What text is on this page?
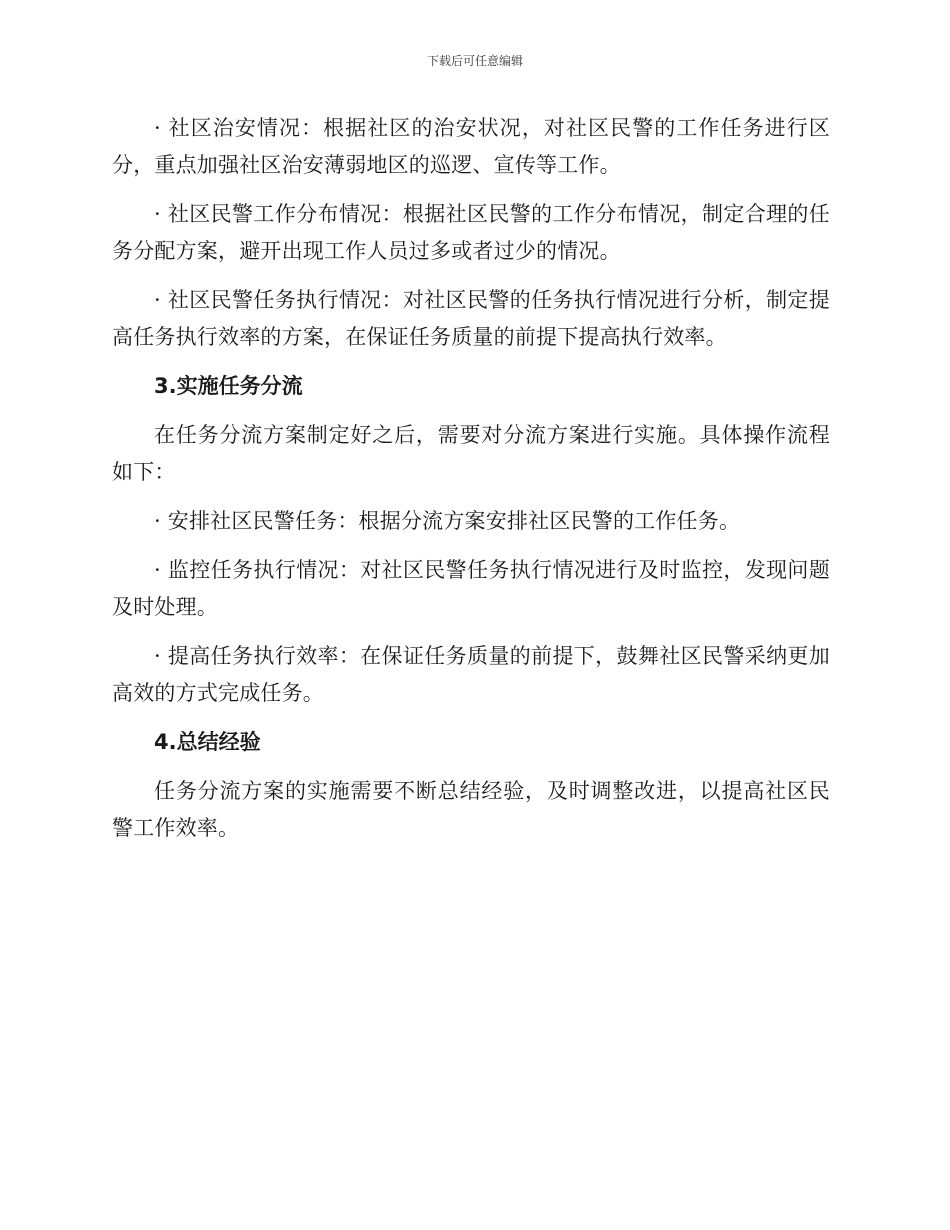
下载后可任意编辑

· 社区治安情况：根据社区的治安状况，对社区民警的工作任务进行区分，重点加强社区治安薄弱地区的巡逻、宣传等工作。

· 社区民警工作分布情况：根据社区民警的工作分布情况，制定合理的任务分配方案，避开出现工作人员过多或者过少的情况。

· 社区民警任务执行情况：对社区民警的任务执行情况进行分析，制定提高任务执行效率的方案，在保证任务质量的前提下提高执行效率。

3.实施任务分流

在任务分流方案制定好之后，需要对分流方案进行实施。具体操作流程如下：

· 安排社区民警任务：根据分流方案安排社区民警的工作任务。

· 监控任务执行情况：对社区民警任务执行情况进行及时监控，发现问题及时处理。

· 提高任务执行效率：在保证任务质量的前提下，鼓舞社区民警采纳更加高效的方式完成任务。

4.总结经验

任务分流方案的实施需要不断总结经验，及时调整改进，以提高社区民警工作效率。
